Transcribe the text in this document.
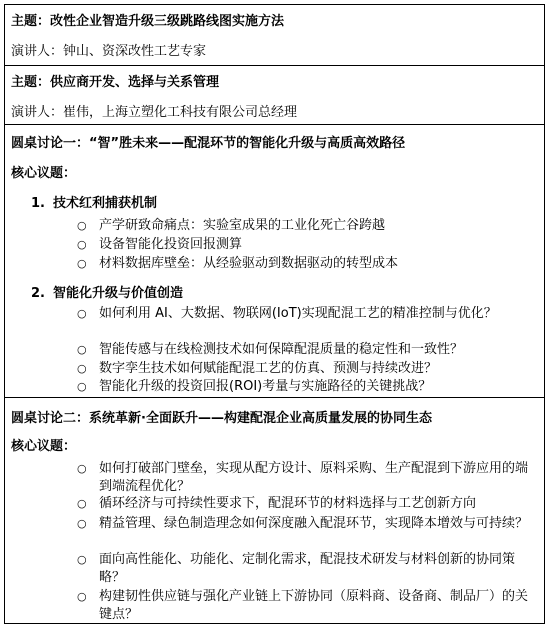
主题：改性企业智造升级三级跳路线图实施方法
演讲人：钟山、资深改性工艺专家
主题：供应商开发、选择与关系管理
演讲人：崔伟，上海立塑化工科技有限公司总经理
圆桌讨论一：“智”胜未来——配混环节的智能化升级与高质高效路径
核心议题：
1. 技术红利捕获机制
○ 产学研致命痛点：实验室成果的工业化死亡谷跨越
○ 设备智能化投资回报测算
○ 材料数据库壁垒：从经验驱动到数据驱动的转型成本
2. 智能化升级与价值创造
○ 如何利用 AI、大数据、物联网(IoT)实现配混工艺的精准控制与优化？
○ 智能传感与在线检测技术如何保障配混质量的稳定性和一致性？
○ 数字孪生技术如何赋能配混工艺的仿真、预测与持续改进？
○ 智能化升级的投资回报(ROI)考量与实施路径的关键挑战？
圆桌讨论二：系统革新·全面跃升——构建配混企业高质量发展的协同生态
核心议题：
○ 如何打破部门壁垒，实现从配方设计、原料采购、生产配混到下游应用的端到端流程优化？
○ 循环经济与可持续性要求下，配混环节的材料选择与工艺创新方向
○ 精益管理、绿色制造理念如何深度融入配混环节，实现降本增效与可持续？
○ 面向高性能化、功能化、定制化需求，配混技术研发与材料创新的协同策略？
○ 构建韧性供应链与强化产业链上下游协同（原料商、设备商、制品厂）的关键点？
